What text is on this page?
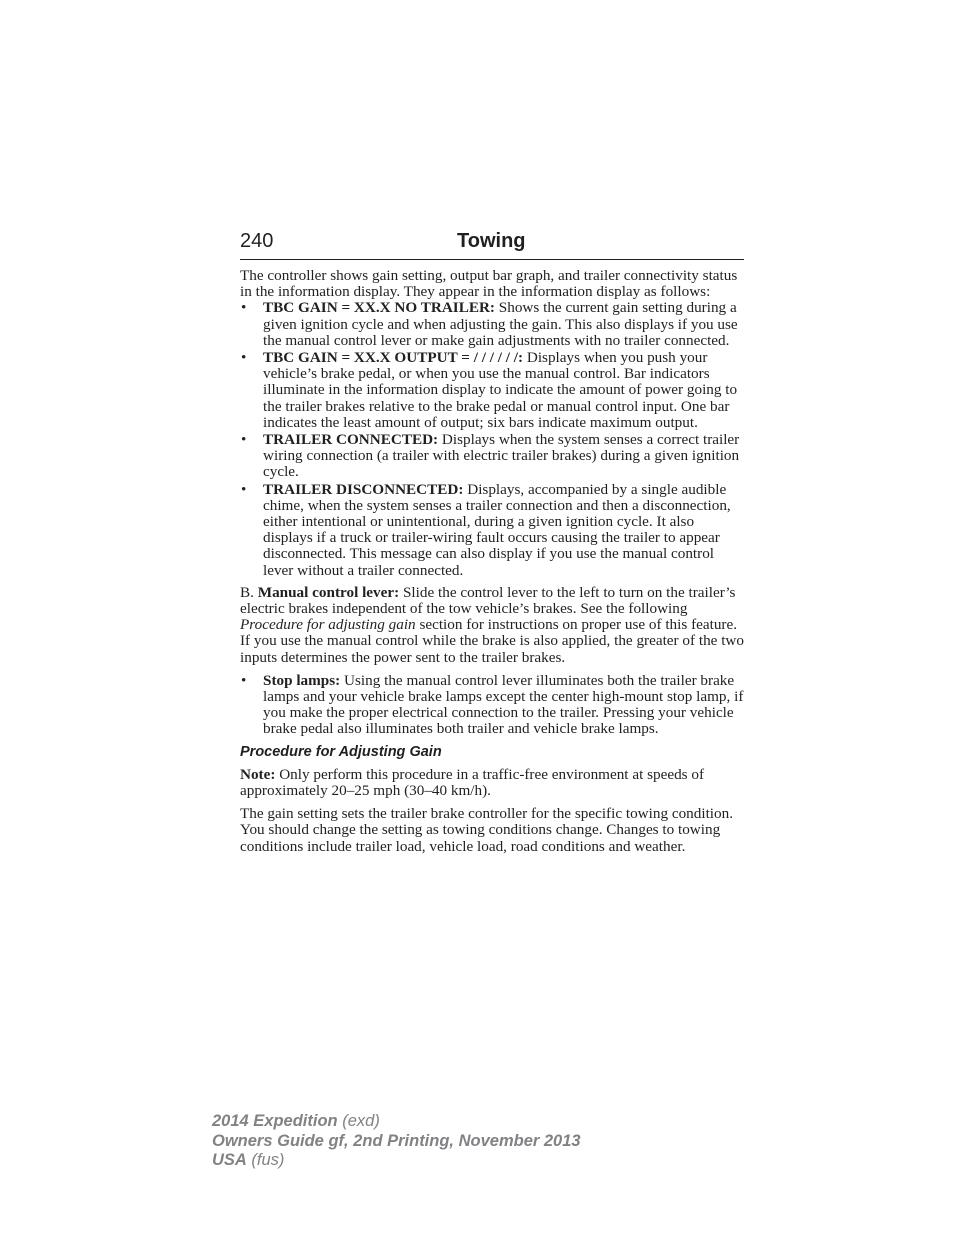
240	Towing

The controller shows gain setting, output bar graph, and trailer connectivity status in the information display. They appear in the information display as follows:

• TBC GAIN = XX.X NO TRAILER: Shows the current gain setting during a given ignition cycle and when adjusting the gain. This also displays if you use the manual control lever or make gain adjustments with no trailer connected.
• TBC GAIN = XX.X OUTPUT = / / / / / /: Displays when you push your vehicle’s brake pedal, or when you use the manual control. Bar indicators illuminate in the information display to indicate the amount of power going to the trailer brakes relative to the brake pedal or manual control input. One bar indicates the least amount of output; six bars indicate maximum output.
• TRAILER CONNECTED: Displays when the system senses a correct trailer wiring connection (a trailer with electric trailer brakes) during a given ignition cycle.
• TRAILER DISCONNECTED: Displays, accompanied by a single audible chime, when the system senses a trailer connection and then a disconnection, either intentional or unintentional, during a given ignition cycle. It also displays if a truck or trailer-wiring fault occurs causing the trailer to appear disconnected. This message can also display if you use the manual control lever without a trailer connected.

B. Manual control lever: Slide the control lever to the left to turn on the trailer’s electric brakes independent of the tow vehicle’s brakes. See the following Procedure for adjusting gain section for instructions on proper use of this feature. If you use the manual control while the brake is also applied, the greater of the two inputs determines the power sent to the trailer brakes.

• Stop lamps: Using the manual control lever illuminates both the trailer brake lamps and your vehicle brake lamps except the center high-mount stop lamp, if you make the proper electrical connection to the trailer. Pressing your vehicle brake pedal also illuminates both trailer and vehicle brake lamps.

Procedure for Adjusting Gain

Note: Only perform this procedure in a traffic-free environment at speeds of approximately 20–25 mph (30–40 km/h).

The gain setting sets the trailer brake controller for the specific towing condition. You should change the setting as towing conditions change. Changes to towing conditions include trailer load, vehicle load, road conditions and weather.

2014 Expedition (exd)
Owners Guide gf, 2nd Printing, November 2013
USA (fus)
